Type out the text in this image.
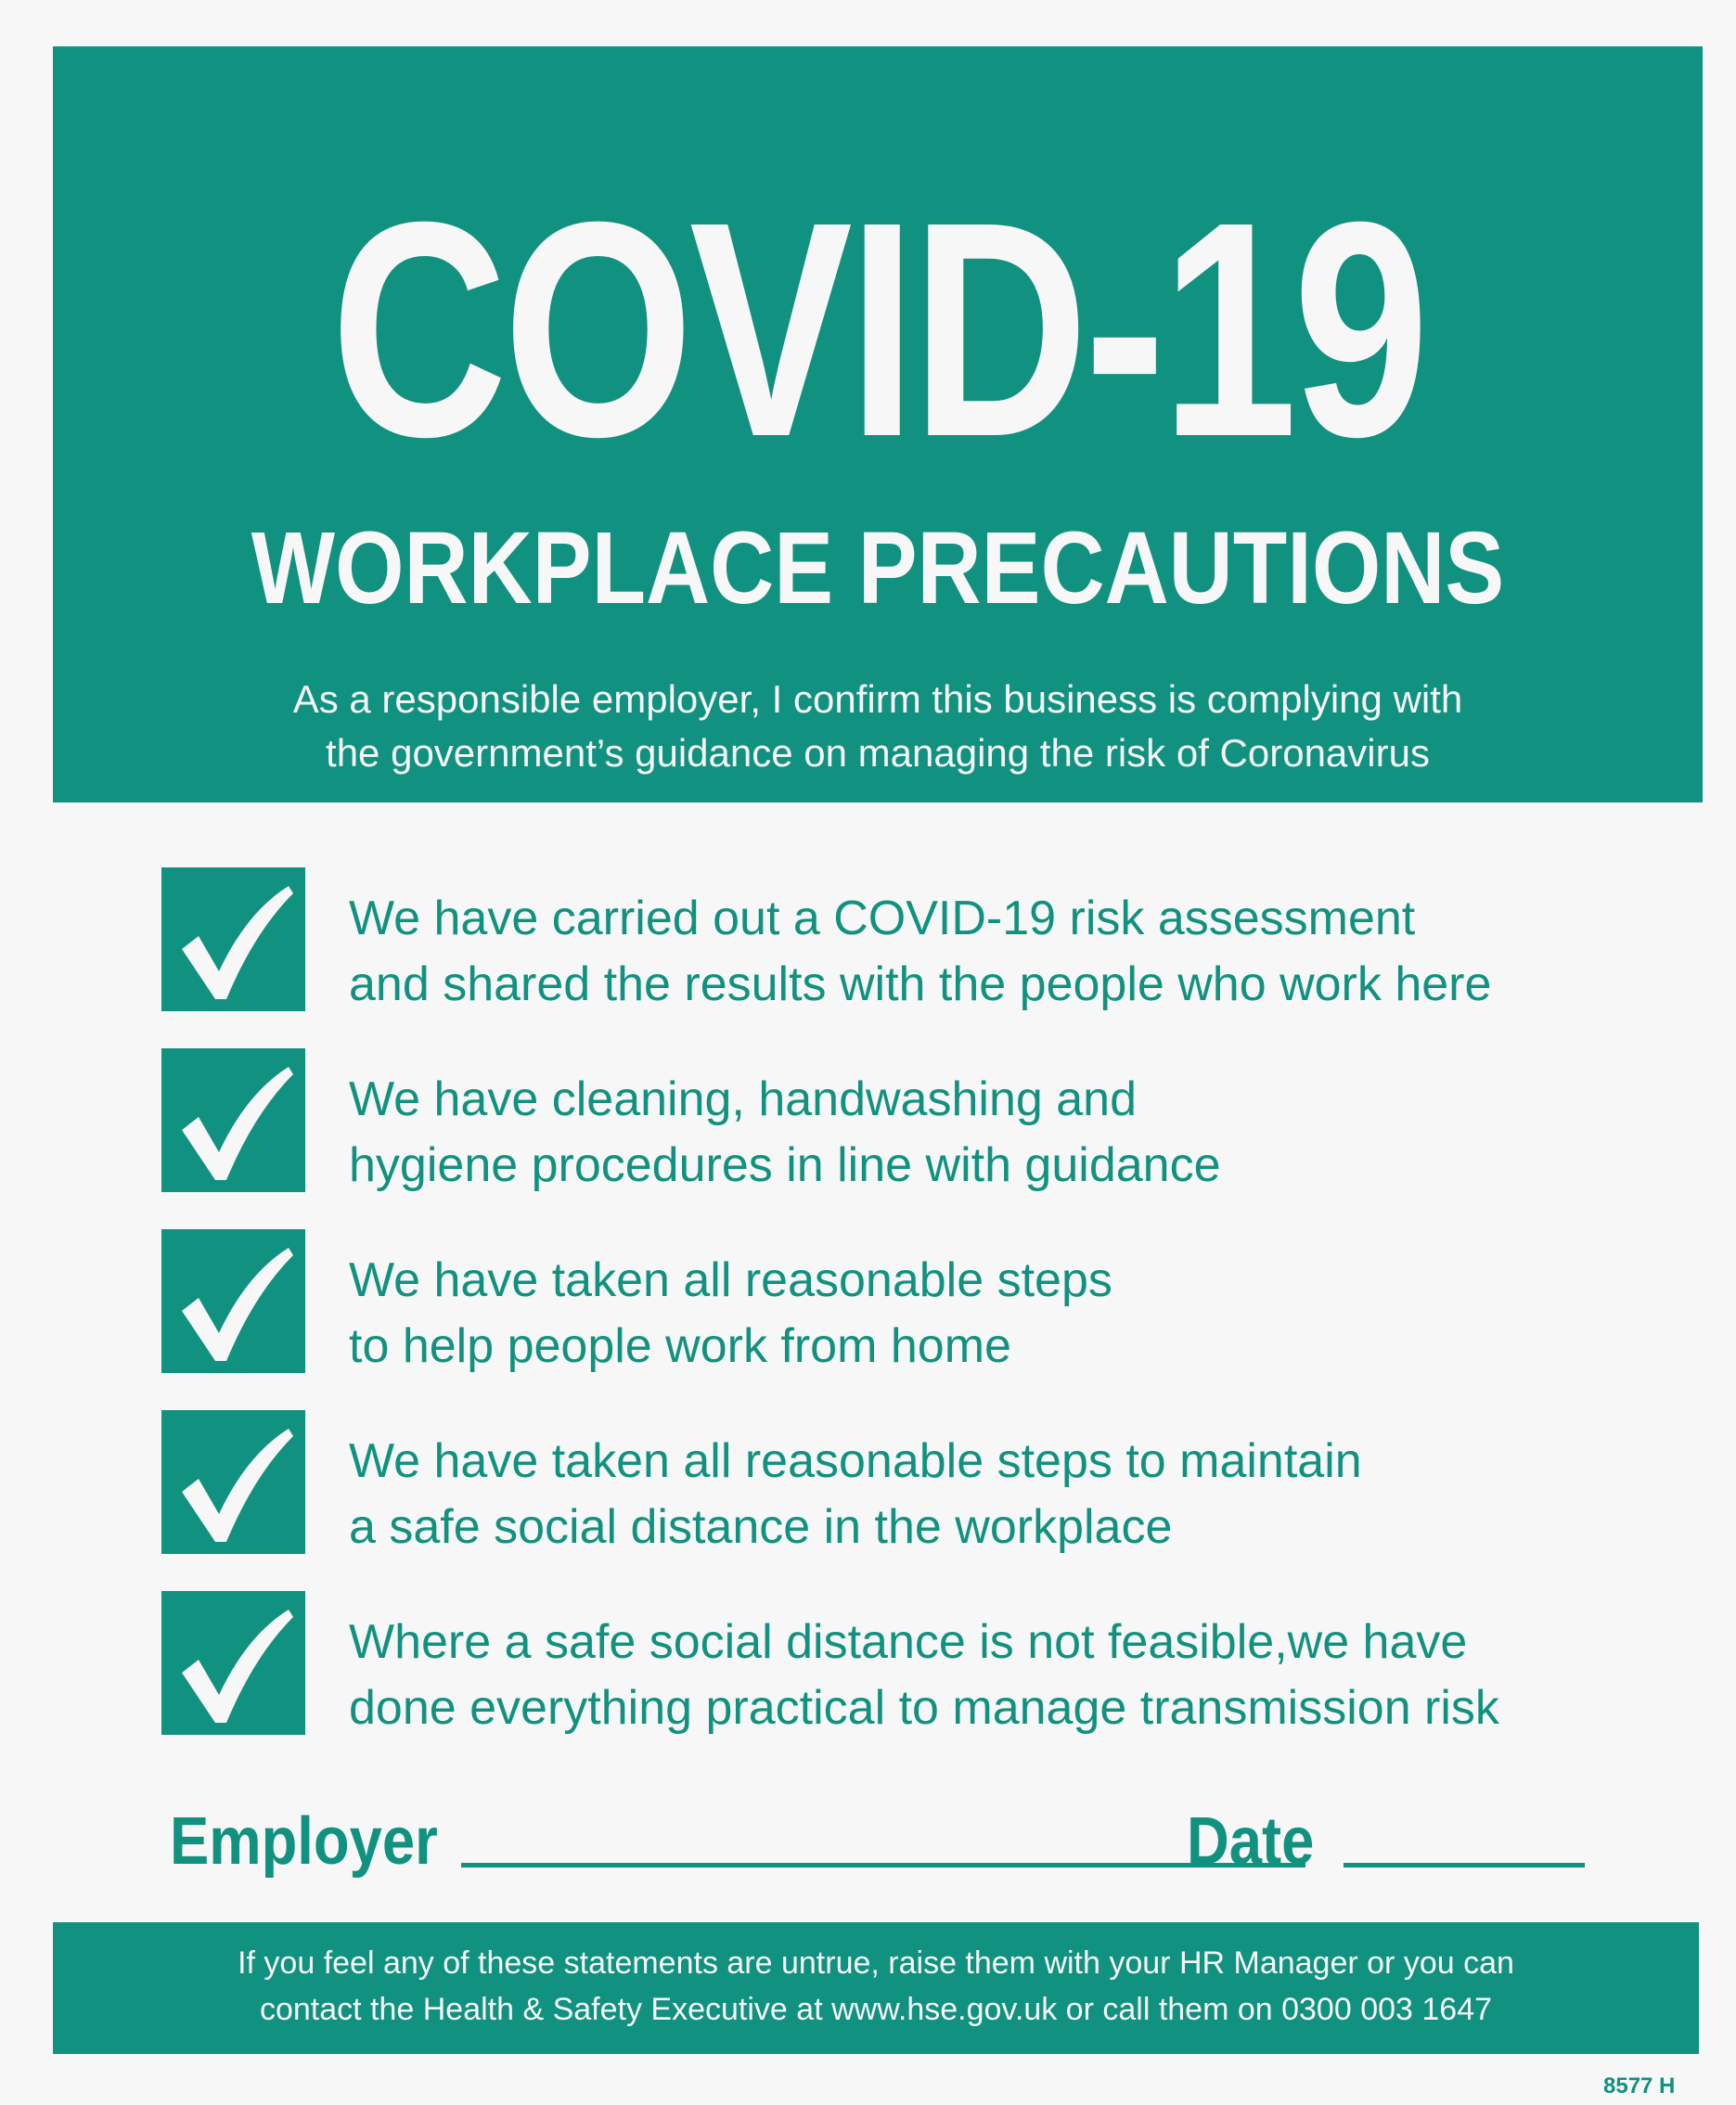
COVID-19
WORKPLACE PRECAUTIONS
As a responsible employer, I confirm this business is complying with
the government’s guidance on managing the risk of Coronavirus
We have carried out a COVID-19 risk assessment
and shared the results with the people who work here
We have cleaning, handwashing and
hygiene procedures in line with guidance
We have taken all reasonable steps
to help people work from home
We have taken all reasonable steps to maintain
a safe social distance in the workplace
Where a safe social distance is not feasible,we have
done everything practical to manage transmission risk
Employer	Date
If you feel any of these statements are untrue, raise them with your HR Manager or you can
contact the Health & Safety Executive at www.hse.gov.uk or call them on 0300 003 1647
8577 H
